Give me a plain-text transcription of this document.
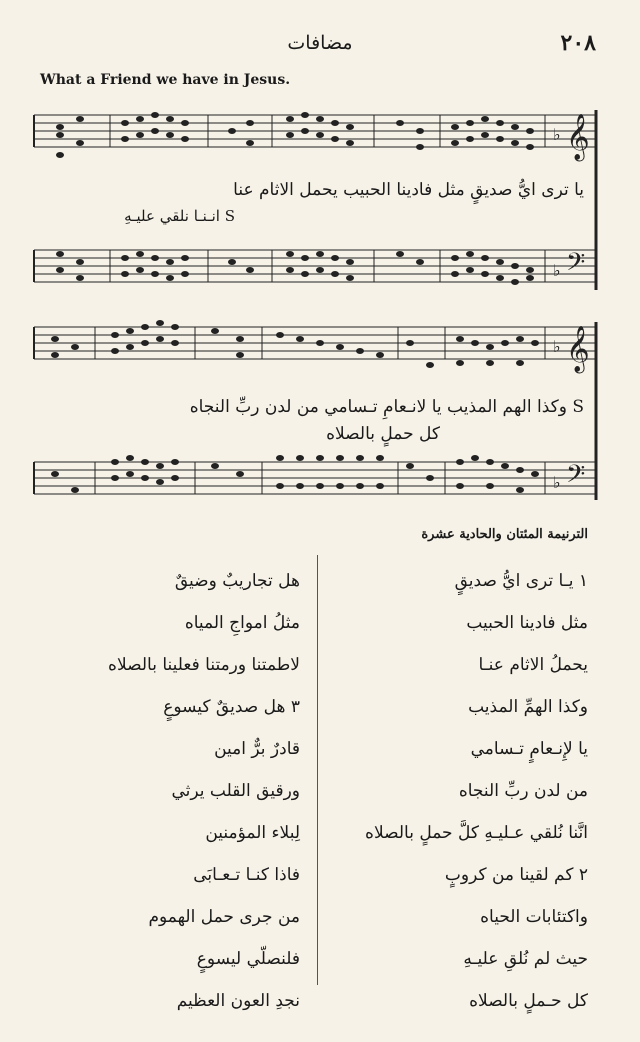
٢٠٨
مضافات
What a Friend we have in Jesus.
𝄞
♭
𝄢
♭
يا ترى ايُّ صديقٍ مثل فادينا الحبيب يحمل الاثام عنا
S انـنـا نلقي عليـهِ
𝄞
♭
𝄢
♭
S وكذا الهم المذيب يا لانـعامِ تـسامي من لدن ربِّ النجاه
كل حملٍ بالصلاه
الترنيمة المئتان والحادية عشرة
١ يـا ترى ايُّ صديقٍ
مثل فادينا الحبيب
يحملُ الاثام عنـا
وكذا الهمِّ المذيب
يا لإِنـعامٍ تـسامي
من لدن ربِّ النجاه
انَّنا نُلقي عـليـهِ كلَّ حملٍ بالصلاه
٢ كم لقينا من كروبٍ
واكتئابات الحياه
حيث لم نُلقِ عليـهِ
كل حـملٍ بالصلاه
هل تجاريبٌ وضيقٌ
مثلُ امواجِ المياه
لاطمتنا ورمتنا فعلينا بالصلاه
٣ هل صديقٌ كيسوعٍ
قادرٌ برٌّ امين
ورقيق القلب يرثي
لِبلاء المؤمنين
فاذا كنـا تـعـابَى
من جرى حمل الهموم
فلنصلّي ليسوعٍ
نجدِ العون العظيم
